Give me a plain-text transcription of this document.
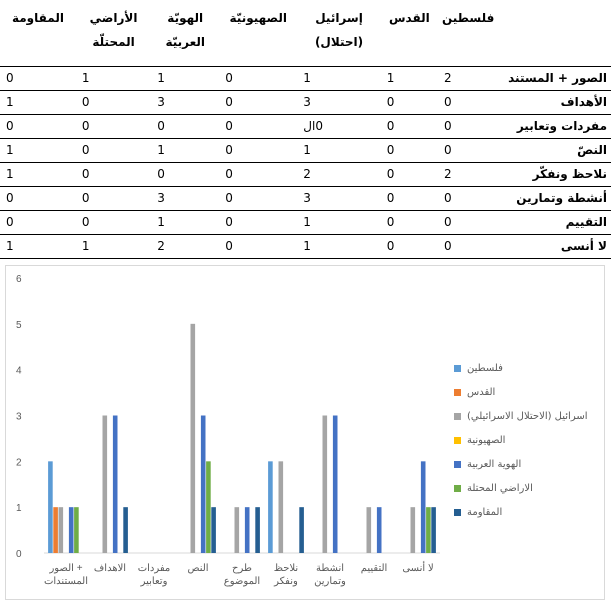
	فلسطين	القدس	إسرائيل (احتلال)	الصهيونيّة	الهويّة العربيّة	الأراضي المحتلّة	المقاومة
الصور + المستند	2	1	1	0	1	1	0
الأهداف	0	0	3	0	3	0	1
مفردات وتعابير	0	0	0ال	0	0	0	0
النصّ	0	0	1	0	1	0	1
نلاحظ ونفكّر	2	0	2	0	0	0	1
أنشطة وتمارين	0	0	3	0	3	0	0
التقييم	0	0	1	0	1	0	0
لا أنسى	0	0	1	0	2	1	1
0
1
2
3
4
5
6
الصور + المستندات
الاهداف مفردات وتعابير
النص	طرح الموضوع
نلاحظ ونفكر
انشطة وتمارين
التقييم لا أنسى
فلسطين
القدس
اسرائيل (الاحتلال الاسرائيلي)
الصهيونية
الهوية العربية
الاراضي المحتلة
المقاومة
